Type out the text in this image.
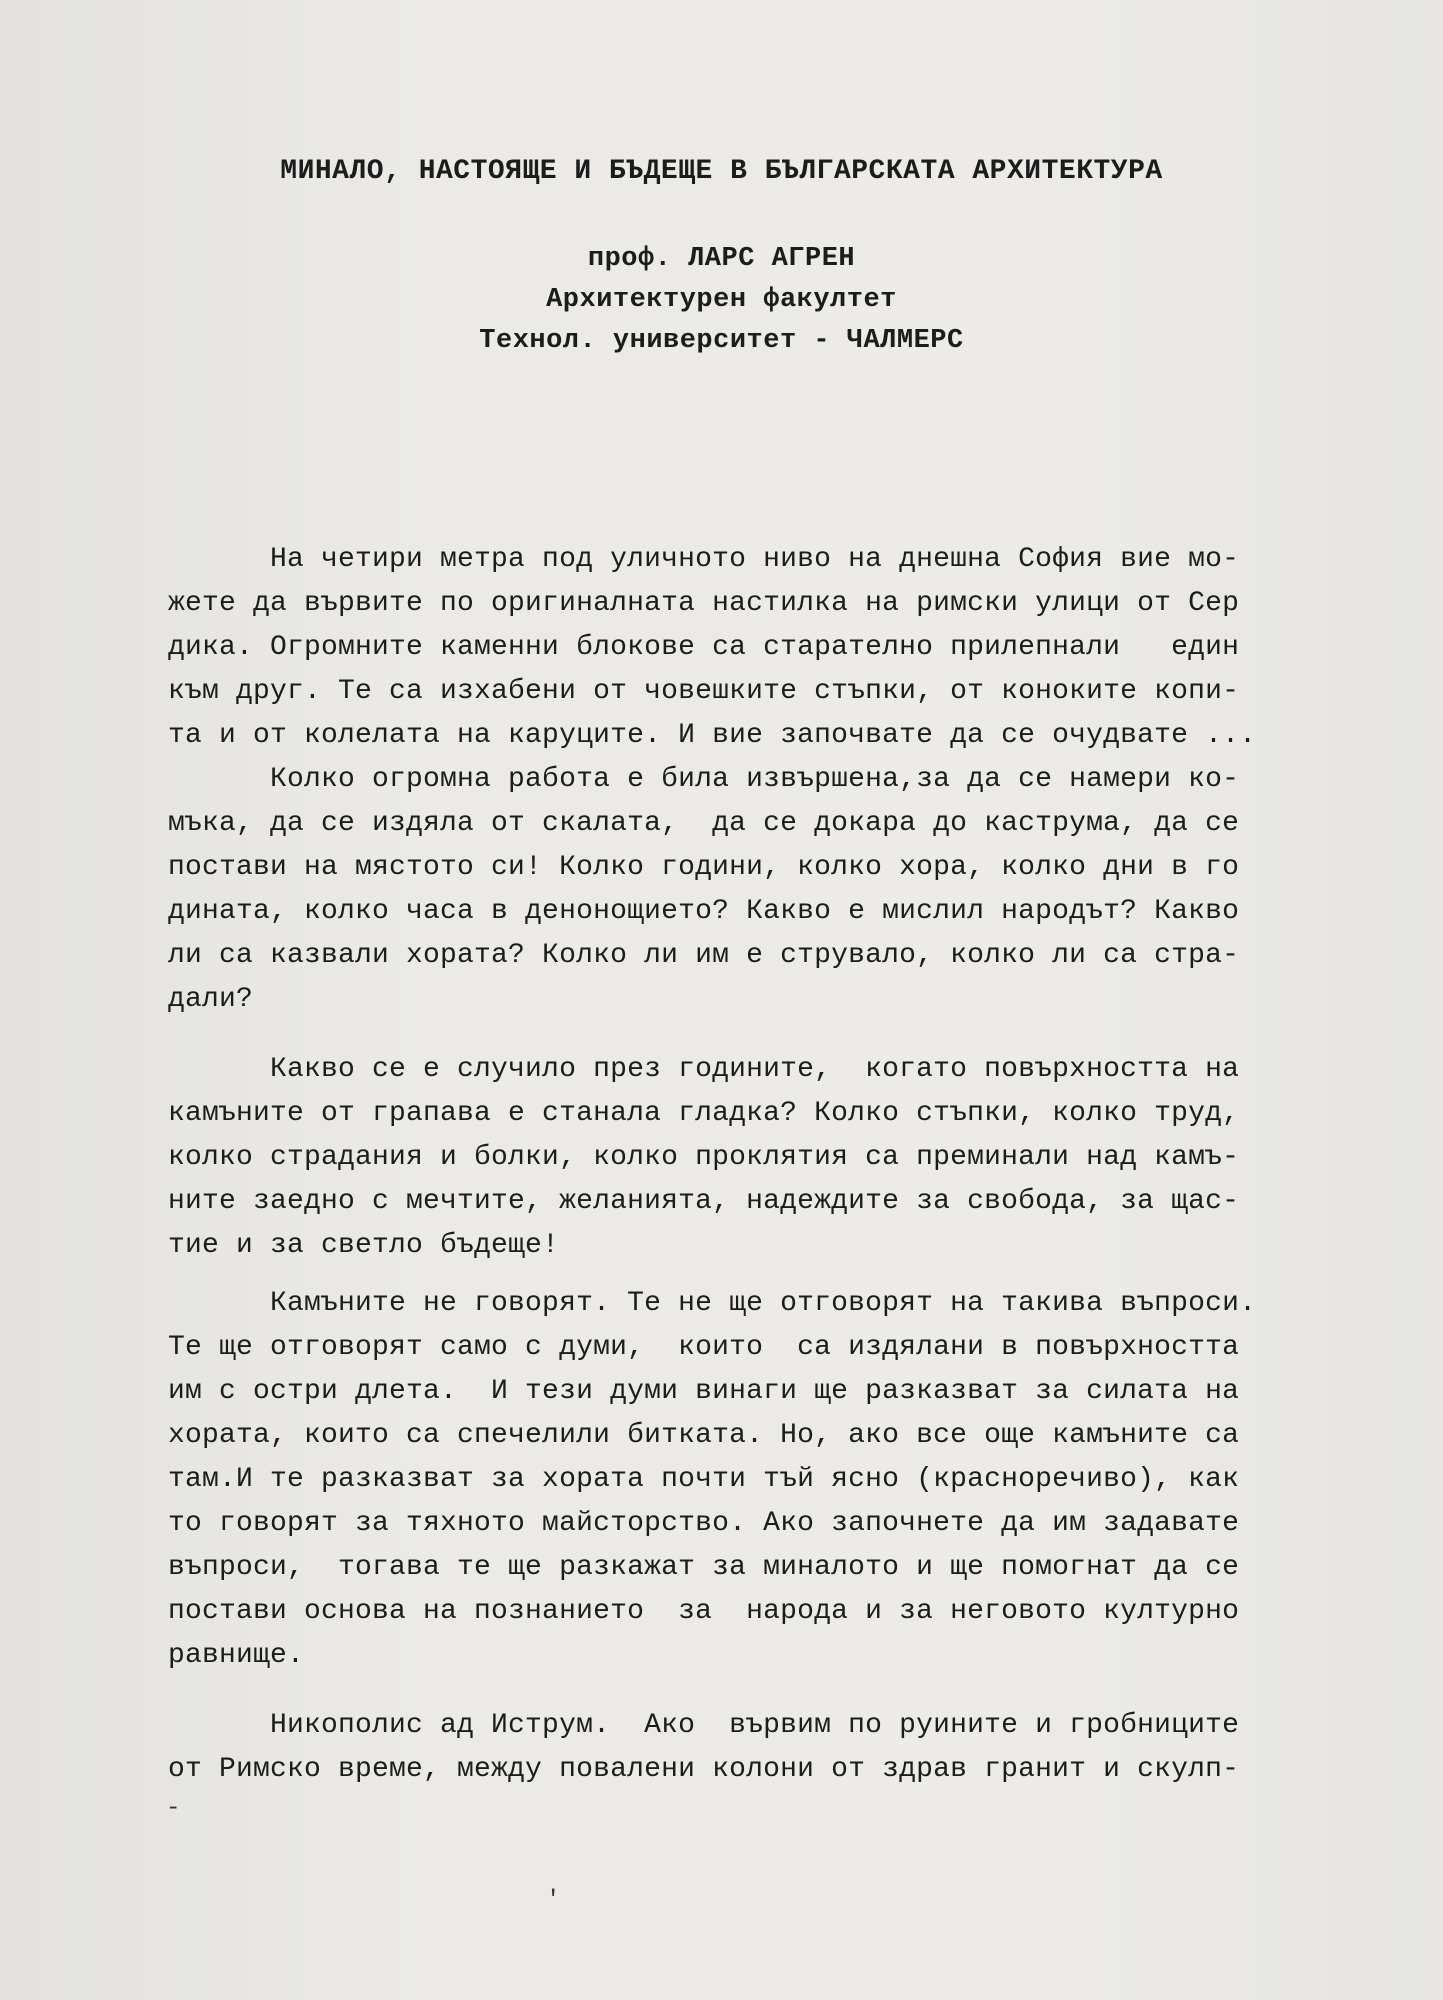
МИНАЛО, НАСТОЯЩЕ И БЪДЕЩЕ В БЪЛГАРСКАТА АРХИТЕКТУРА
проф. ЛАРС АГРЕН
Архитектурен факултет
Технол. университет - ЧАЛМЕРС
На четири метра под уличното ниво на днешна София вие мо-
жете да вървите по оригиналната настилка на римски улици от Сер
дика. Огромните каменни блокове са старателно прилепнали   един
към друг. Те са изхабени от човешките стъпки, от коноките копи-
та и от колелата на каруците. И вие започвате да се очудвате ...
Колко огромна работа е била извършена,за да се намери ко-
мъка, да се издяла от скалата,  да се докара до каструма, да се
постави на мястото си! Колко години, колко хора, колко дни в го
дината, колко часа в денонощието? Какво е мислил народът? Какво
ли са казвали хората? Колко ли им е струвало, колко ли са стра-
дали?
Какво се е случило през годините,  когато повърхността на
камъните от грапава е станала гладка? Колко стъпки, колко труд,
колко страдания и болки, колко проклятия са преминали над камъ-
ните заедно с мечтите, желанията, надеждите за свобода, за щас-
тие и за светло бъдеще!
Камъните не говорят. Те не ще отговорят на такива въпроси.
Те ще отговорят само с думи,  които  са издялани в повърхността
им с остри длета.  И тези думи винаги ще разказват за силата на
хората, които са спечелили битката. Но, ако все още камъните са
там.И те разказват за хората почти тъй ясно (красноречиво), как
то говорят за тяхното майсторство. Ако започнете да им задавате
въпроси,  тогава те ще разкажат за миналото и ще помогнат да се
постави основа на познанието  за  народа и за неговото културно
равнище.
Никополис ад Иструм.  Ако  вървим по руините и гробниците
от Римско време, между повалени колони от здрав гранит и скулп-
-
'
